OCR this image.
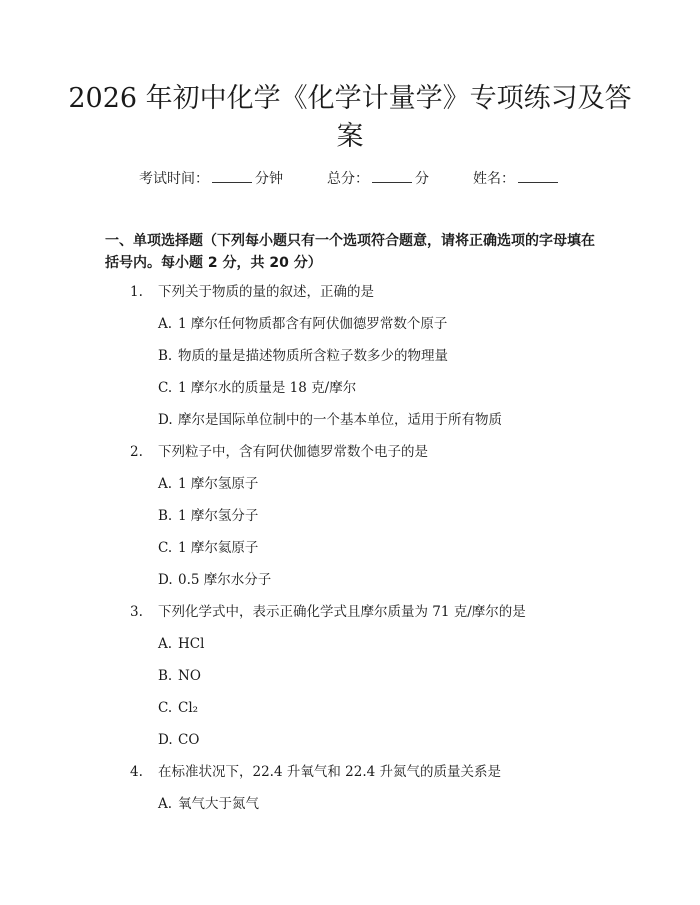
2026 年初中化学《化学计量学》专项练习及答案
考试时间：	分钟	总分：	分	姓名：

一、单项选择题（下列每小题只有一个选项符合题意，请将正确选项的字母填在括号内。每小题 2 分，共 20 分）

1. 下列关于物质的量的叙述，正确的是
A. 1 摩尔任何物质都含有阿伏伽德罗常数个原子
B. 物质的量是描述物质所含粒子数多少的物理量
C. 1 摩尔水的质量是 18 克/摩尔
D. 摩尔是国际单位制中的一个基本单位，适用于所有物质
2. 下列粒子中，含有阿伏伽德罗常数个电子的是
A. 1 摩尔氢原子
B. 1 摩尔氢分子
C. 1 摩尔氦原子
D. 0.5 摩尔水分子
3. 下列化学式中，表示正确化学式且摩尔质量为 71 克/摩尔的是
A. HCl
B. NO
C. Cl₂
D. CO
4. 在标准状况下，22.4 升氧气和 22.4 升氮气的质量关系是
A. 氧气大于氮气
